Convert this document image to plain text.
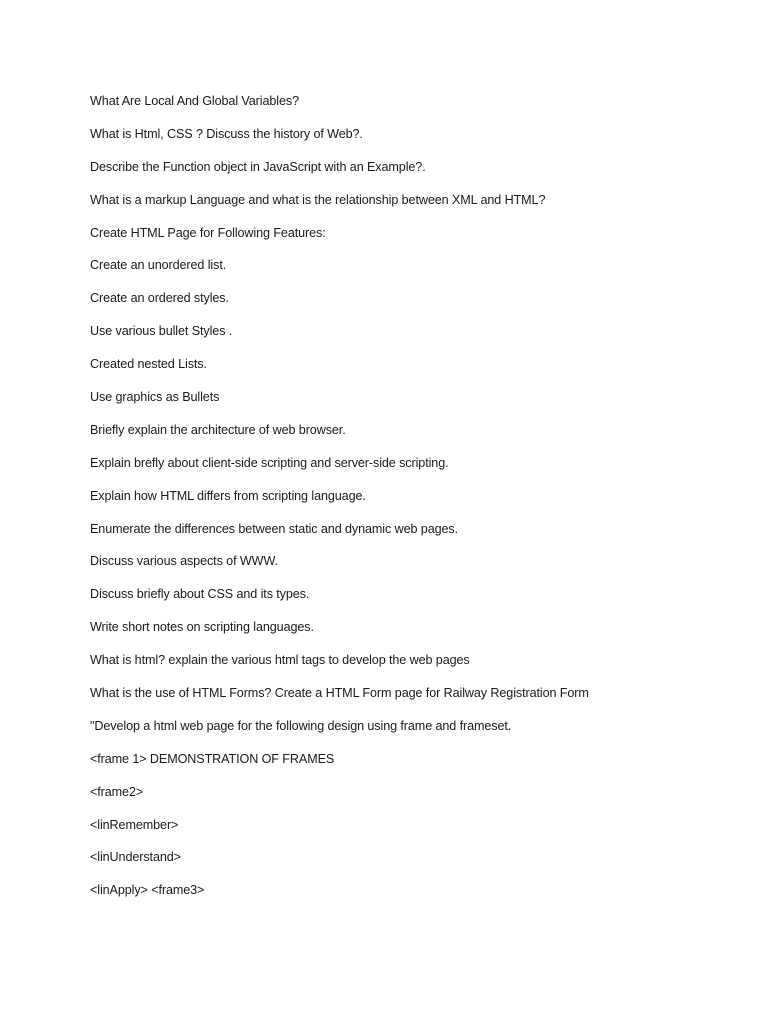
What Are Local And Global Variables?
What is Html, CSS ? Discuss the history of Web?.
Describe the Function object in JavaScript with an Example?.
What is a markup Language and what is the relationship between XML and HTML?
Create HTML Page for Following Features:
Create an unordered list.
Create an ordered styles.
Use various bullet Styles .
Created nested Lists.
Use graphics as Bullets
Briefly explain the architecture of web browser.
Explain brefly about client-side scripting and server-side scripting.
Explain how HTML differs from scripting language.
Enumerate the differences between static and dynamic web pages.
Discuss various aspects of WWW.
Discuss briefly about CSS and its types.
Write short notes on scripting languages.
What is html? explain the various html tags to develop the web pages
What is the use of HTML Forms? Create a HTML Form page for Railway Registration Form
"Develop a html web page for the following design using frame and frameset.
<frame 1> DEMONSTRATION OF FRAMES
<frame2>
<linRemember>
<linUnderstand>
<linApply> <frame3>
